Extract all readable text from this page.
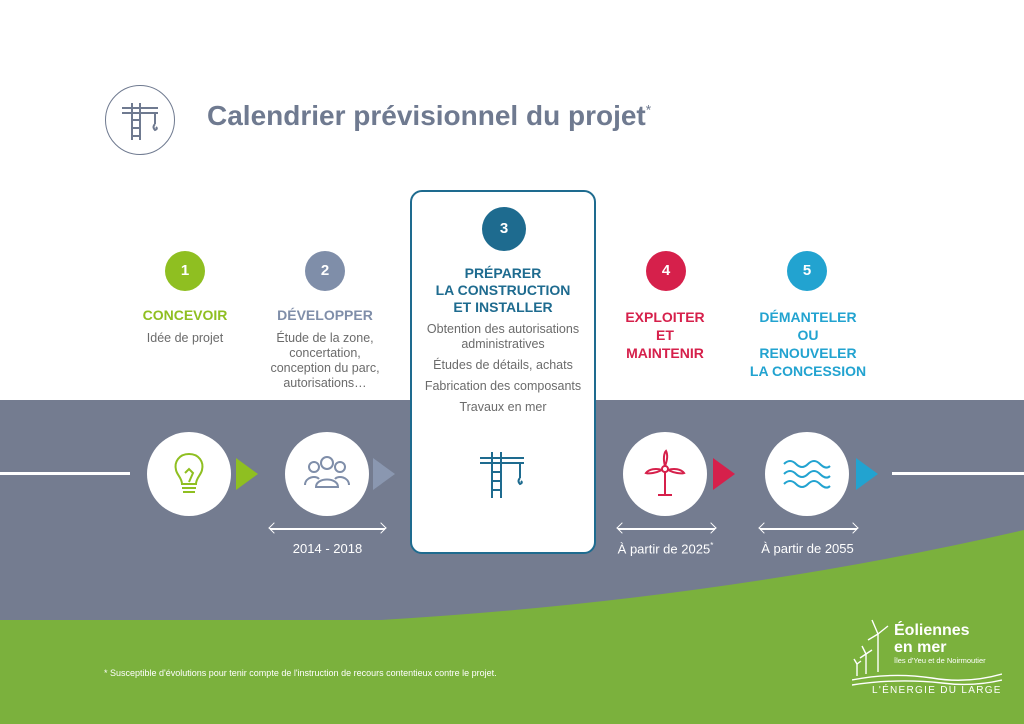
Calendrier prévisionnel du projet*
1
CONCEVOIR
Idée de projet
2
DÉVELOPPER
Étude de la zone,
concertation,
conception du parc,
autorisations…
2014 - 2018
3
PRÉPARER
LA CONSTRUCTION
ET INSTALLER
Obtention des autorisations
administratives
Études de détails, achats
Fabrication des composants
Travaux en mer
4
EXPLOITER
ET
MAINTENIR
À partir de 2025*
5
DÉMANTELER
OU
RENOUVELER
LA CONCESSION
À partir de 2055
* Susceptible d'évolutions pour tenir compte de l'instruction de recours contentieux contre le projet.
Éoliennes
en mer
îles d'Yeu et de Noirmoutier
L'ÉNERGIE DU LARGE
